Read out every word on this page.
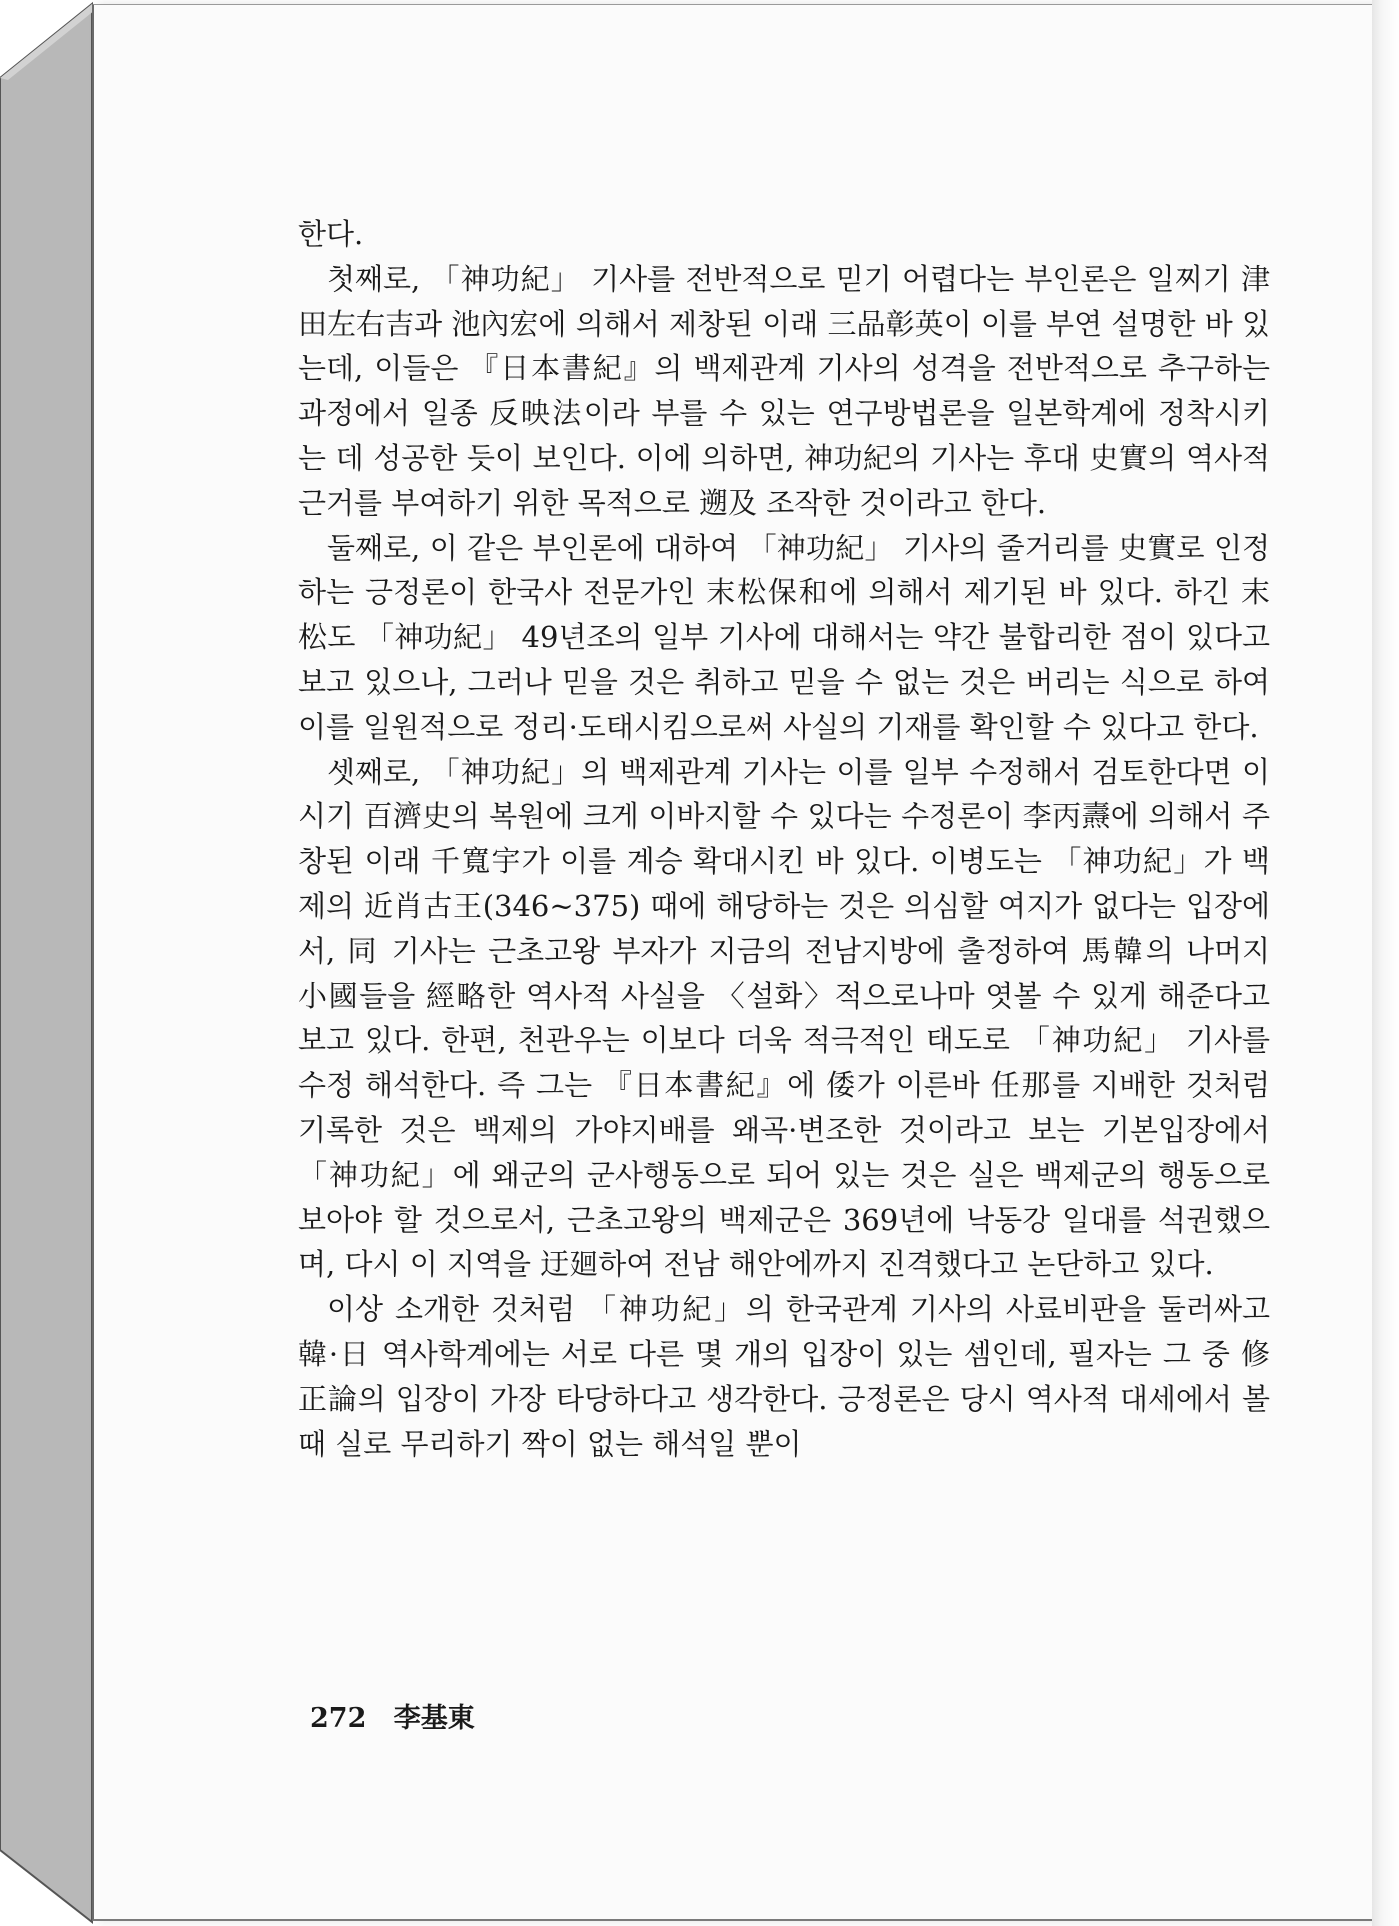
한다.

첫째로, 「神功紀」 기사를 전반적으로 믿기 어렵다는 부인론은 일찌기 津田左右吉과 池內宏에 의해서 제창된 이래 三品彰英이 이를 부연 설명한 바 있는데, 이들은 『日本書紀』의 백제관계 기사의 성격을 전반적으로 추구하는 과정에서 일종 反映法이라 부를 수 있는 연구방법론을 일본학계에 정착시키는 데 성공한 듯이 보인다. 이에 의하면, 神功紀의 기사는 후대 史實의 역사적 근거를 부여하기 위한 목적으로 遡及 조작한 것이라고 한다.

둘째로, 이 같은 부인론에 대하여 「神功紀」 기사의 줄거리를 史實로 인정하는 긍정론이 한국사 전문가인 末松保和에 의해서 제기된 바 있다. 하긴 末松도 「神功紀」 49년조의 일부 기사에 대해서는 약간 불합리한 점이 있다고 보고 있으나, 그러나 믿을 것은 취하고 믿을 수 없는 것은 버리는 식으로 하여 이를 일원적으로 정리·도태시킴으로써 사실의 기재를 확인할 수 있다고 한다.

셋째로, 「神功紀」의 백제관계 기사는 이를 일부 수정해서 검토한다면 이 시기 百濟史의 복원에 크게 이바지할 수 있다는 수정론이 李丙燾에 의해서 주창된 이래 千寬宇가 이를 계승 확대시킨 바 있다. 이병도는 「神功紀」가 백제의 近肖古王(346~375) 때에 해당하는 것은 의심할 여지가 없다는 입장에서, 同 기사는 근초고왕 부자가 지금의 전남지방에 출정하여 馬韓의 나머지 小國들을 經略한 역사적 사실을 〈설화〉적으로나마 엿볼 수 있게 해준다고 보고 있다. 한편, 천관우는 이보다 더욱 적극적인 태도로 「神功紀」 기사를 수정 해석한다. 즉 그는 『日本書紀』에 倭가 이른바 任那를 지배한 것처럼 기록한 것은 백제의 가야지배를 왜곡·변조한 것이라고 보는 기본입장에서 「神功紀」에 왜군의 군사행동으로 되어 있는 것은 실은 백제군의 행동으로 보아야 할 것으로서, 근초고왕의 백제군은 369년에 낙동강 일대를 석권했으며, 다시 이 지역을 迂廻하여 전남 해안에까지 진격했다고 논단하고 있다.

이상 소개한 것처럼 「神功紀」의 한국관계 기사의 사료비판을 둘러싸고 韓·日 역사학계에는 서로 다른 몇 개의 입장이 있는 셈인데, 필자는 그 중 修正論의 입장이 가장 타당하다고 생각한다. 긍정론은 당시 역사적 대세에서 볼 때 실로 무리하기 짝이 없는 해석일 뿐이

272 李基東
